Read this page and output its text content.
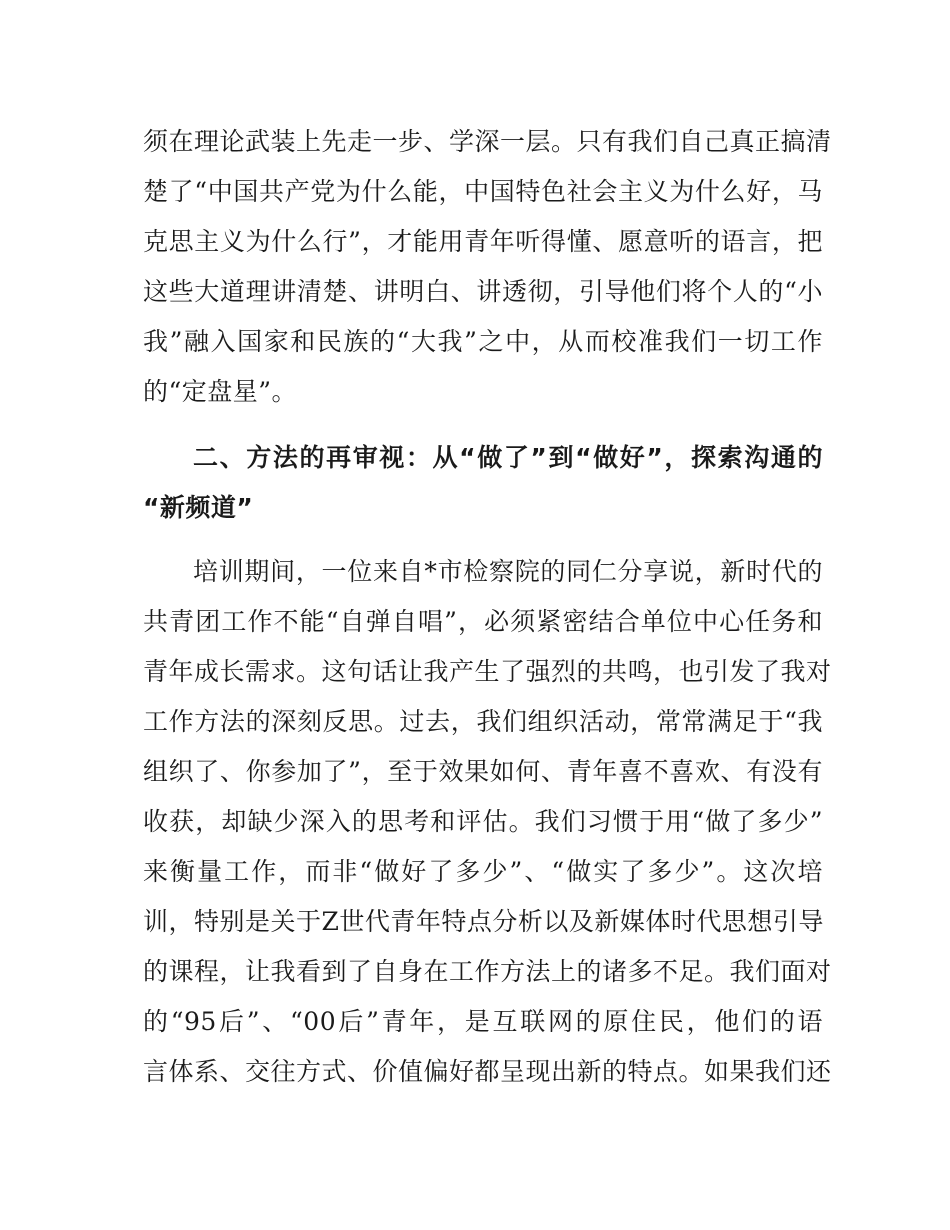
须在理论武装上先走一步、学深一层。只有我们自己真正搞清
楚了“中国共产党为什么能，中国特色社会主义为什么好，马
克思主义为什么行”，才能用青年听得懂、愿意听的语言，把
这些大道理讲清楚、讲明白、讲透彻，引导他们将个人的“小
我”融入国家和民族的“大我”之中，从而校准我们一切工作
的“定盘星”。
二、方法的再审视：从“做了”到“做好”，探索沟通的
“新频道”
培训期间，一位来自*市检察院的同仁分享说，新时代的
共青团工作不能“自弹自唱”，必须紧密结合单位中心任务和
青年成长需求。这句话让我产生了强烈的共鸣，也引发了我对
工作方法的深刻反思。过去，我们组织活动，常常满足于“我
组织了、你参加了”，至于效果如何、青年喜不喜欢、有没有
收获，却缺少深入的思考和评估。我们习惯于用“做了多少”
来衡量工作，而非“做好了多少”、“做实了多少”。这次培
训，特别是关于Z世代青年特点分析以及新媒体时代思想引导
的课程，让我看到了自身在工作方法上的诸多不足。我们面对
的“95后”、“00后”青年，是互联网的原住民，他们的语
言体系、交往方式、价值偏好都呈现出新的特点。如果我们还
